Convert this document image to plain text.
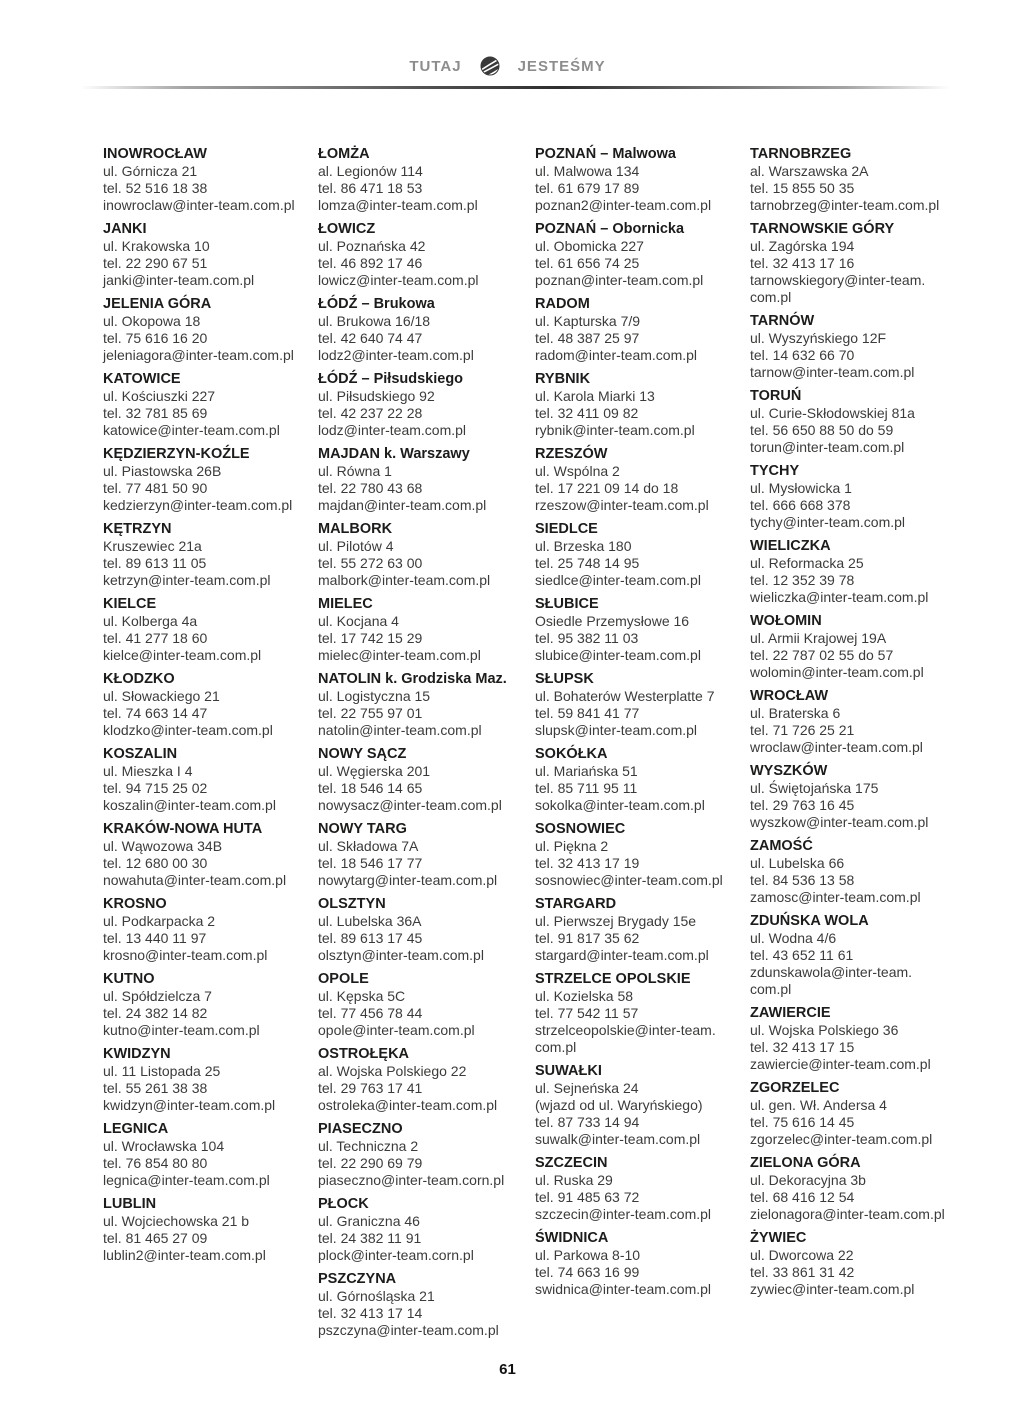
TUTAJ	JESTEŚMY
INOWROCŁAW
ul. Górnicza 21
tel. 52 516 18 38
inowroclaw@inter-team.com.pl
JANKI
ul. Krakowska 10
tel. 22 290 67 51
janki@inter-team.com.pl
JELENIA GÓRA
ul. Okopowa 18
tel. 75 616 16 20
jeleniagora@inter-team.com.pl
KATOWICE
ul. Kościuszki 227
tel. 32 781 85 69
katowice@inter-team.com.pl
KĘDZIERZYN-KOŹLE
ul. Piastowska 26B
tel. 77 481 50 90
kedzierzyn@inter-team.com.pl
KĘTRZYN
Kruszewiec 21a
tel. 89 613 11 05
ketrzyn@inter-team.com.pl
KIELCE
ul. Kolberga 4a
tel. 41 277 18 60
kielce@inter-team.com.pl
KŁODZKO
ul. Słowackiego 21
tel. 74 663 14 47
klodzko@inter-team.com.pl
KOSZALIN
ul. Mieszka I 4
tel. 94 715 25 02
koszalin@inter-team.com.pl
KRAKÓW-NOWA HUTA
ul. Wąwozowa 34B
tel. 12 680 00 30
nowahuta@inter-team.com.pl
KROSNO
ul. Podkarpacka 2
tel. 13 440 11 97
krosno@inter-team.com.pl
KUTNO
ul. Spółdzielcza 7
tel. 24 382 14 82
kutno@inter-team.com.pl
KWIDZYN
ul. 11 Listopada 25
tel. 55 261 38 38
kwidzyn@inter-team.com.pl
LEGNICA
ul. Wrocławska 104
tel. 76 854 80 80
legnica@inter-team.com.pl
LUBLIN
ul. Wojciechowska 21 b
tel. 81 465 27 09
lublin2@inter-team.com.pl
ŁOMŻA
al. Legionów 114
tel. 86 471 18 53
lomza@inter-team.com.pl
ŁOWICZ
ul. Poznańska 42
tel. 46 892 17 46
lowicz@inter-team.com.pl
ŁÓDŹ – Brukowa
ul. Brukowa 16/18
tel. 42 640 74 47
lodz2@inter-team.com.pl
ŁÓDŹ – Piłsudskiego
ul. Piłsudskiego 92
tel. 42 237 22 28
lodz@inter-team.com.pl
MAJDAN k. Warszawy
ul. Równa 1
tel. 22 780 43 68
majdan@inter-team.com.pl
MALBORK
ul. Pilotów 4
tel. 55 272 63 00
malbork@inter-team.com.pl
MIELEC
ul. Kocjana 4
tel. 17 742 15 29
mielec@inter-team.com.pl
NATOLIN k. Grodziska Maz.
ul. Logistyczna 15
tel. 22 755 97 01
natolin@inter-team.com.pl
NOWY SĄCZ
ul. Węgierska 201
tel. 18 546 14 65
nowysacz@inter-team.com.pl
NOWY TARG
ul. Składowa 7A
tel. 18 546 17 77
nowytarg@inter-team.com.pl
OLSZTYN
ul. Lubelska 36A
tel. 89 613 17 45
olsztyn@inter-team.com.pl
OPOLE
ul. Kępska 5C
tel. 77 456 78 44
opole@inter-team.com.pl
OSTROŁĘKA
al. Wojska Polskiego 22
tel. 29 763 17 41
ostroleka@inter-team.com.pl
PIASECZNO
ul. Techniczna 2
tel. 22 290 69 79
piaseczno@inter-team.corn.pl
PŁOCK
ul. Graniczna 46
tel. 24 382 11 91
plock@inter-team.corn.pl
PSZCZYNA
ul. Górnośląska 21
tel. 32 413 17 14
pszczyna@inter-team.com.pl
POZNAŃ – Malwowa
ul. Malwowa 134
tel. 61 679 17 89
poznan2@inter-team.com.pl
POZNAŃ – Obornicka
ul. Obomicka 227
tel. 61 656 74 25
poznan@inter-team.com.pl
RADOM
ul. Kapturska 7/9
tel. 48 387 25 97
radom@inter-team.com.pl
RYBNIK
ul. Karola Miarki 13
tel. 32 411 09 82
rybnik@inter-team.com.pl
RZESZÓW
ul. Wspólna 2
tel. 17 221 09 14 do 18
rzeszow@inter-team.com.pl
SIEDLCE
ul. Brzeska 180
tel. 25 748 14 95
siedlce@inter-team.com.pl
SŁUBICE
Osiedle Przemysłowe 16
tel. 95 382 11 03
slubice@inter-team.com.pl
SŁUPSK
ul. Bohaterów Westerplatte 7
tel. 59 841 41 77
slupsk@inter-team.com.pl
SOKÓŁKA
ul. Mariańska 51
tel. 85 711 95 11
sokolka@inter-team.com.pl
SOSNOWIEC
ul. Piękna 2
tel. 32 413 17 19
sosnowiec@inter-team.com.pl
STARGARD
ul. Pierwszej Brygady 15e
tel. 91 817 35 62
stargard@inter-team.com.pl
STRZELCE OPOLSKIE
ul. Kozielska 58
tel. 77 542 11 57
strzelceopolskie@inter-team.
com.pl
SUWAŁKI
ul. Sejneńska 24
(wjazd od ul. Waryńskiego)
tel. 87 733 14 94
suwalk@inter-team.com.pl
SZCZECIN
ul. Ruska 29
tel. 91 485 63 72
szczecin@inter-team.com.pl
ŚWIDNICA
ul. Parkowa 8-10
tel. 74 663 16 99
swidnica@inter-team.com.pl
TARNOBRZEG
al. Warszawska 2A
tel. 15 855 50 35
tarnobrzeg@inter-team.com.pl
TARNOWSKIE GÓRY
ul. Zagórska 194
tel. 32 413 17 16
tarnowskiegory@inter-team.
com.pl
TARNÓW
ul. Wyszyńskiego 12F
tel. 14 632 66 70
tarnow@inter-team.com.pl
TORUŃ
ul. Curie-Skłodowskiej 81a
tel. 56 650 88 50 do 59
torun@inter-team.com.pl
TYCHY
ul. Mysłowicka 1
tel. 666 668 378
tychy@inter-team.com.pl
WIELICZKA
ul. Reformacka 25
tel. 12 352 39 78
wieliczka@inter-team.com.pl
WOŁOMIN
ul. Armii Krajowej 19A
tel. 22 787 02 55 do 57
wolomin@inter-team.com.pl
WROCŁAW
ul. Braterska 6
tel. 71 726 25 21
wroclaw@inter-team.com.pl
WYSZKÓW
ul. Świętojańska 175
tel. 29 763 16 45
wyszkow@inter-team.com.pl
ZAMOŚĆ
ul. Lubelska 66
tel. 84 536 13 58
zamosc@inter-team.com.pl
ZDUŃSKA WOLA
ul. Wodna 4/6
tel. 43 652 11 61
zdunskawola@inter-team.
com.pl
ZAWIERCIE
ul. Wojska Polskiego 36
tel. 32 413 17 15
zawiercie@inter-team.com.pl
ZGORZELEC
ul. gen. Wł. Andersa 4
tel. 75 616 14 45
zgorzelec@inter-team.com.pl
ZIELONA GÓRA
ul. Dekoracyjna 3b
tel. 68 416 12 54
zielonagora@inter-team.com.pl
ŻYWIEC
ul. Dworcowa 22
tel. 33 861 31 42
zywiec@inter-team.com.pl
61
